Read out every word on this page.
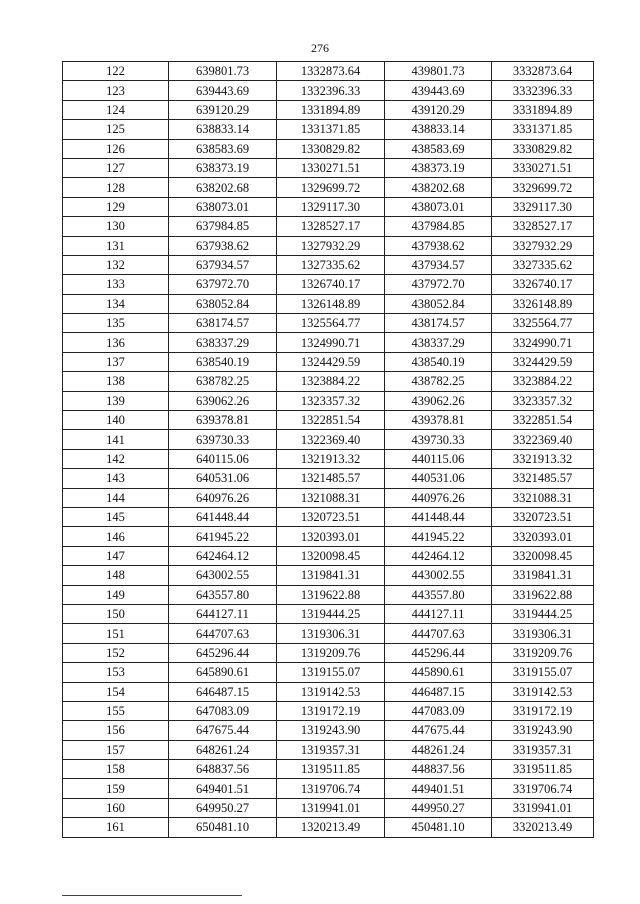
276
122	639801.73	1332873.64	439801.73	3332873.64
123	639443.69	1332396.33	439443.69	3332396.33
124	639120.29	1331894.89	439120.29	3331894.89
125	638833.14	1331371.85	438833.14	3331371.85
126	638583.69	1330829.82	438583.69	3330829.82
127	638373.19	1330271.51	438373.19	3330271.51
128	638202.68	1329699.72	438202.68	3329699.72
129	638073.01	1329117.30	438073.01	3329117.30
130	637984.85	1328527.17	437984.85	3328527.17
131	637938.62	1327932.29	437938.62	3327932.29
132	637934.57	1327335.62	437934.57	3327335.62
133	637972.70	1326740.17	437972.70	3326740.17
134	638052.84	1326148.89	438052.84	3326148.89
135	638174.57	1325564.77	438174.57	3325564.77
136	638337.29	1324990.71	438337.29	3324990.71
137	638540.19	1324429.59	438540.19	3324429.59
138	638782.25	1323884.22	438782.25	3323884.22
139	639062.26	1323357.32	439062.26	3323357.32
140	639378.81	1322851.54	439378.81	3322851.54
141	639730.33	1322369.40	439730.33	3322369.40
142	640115.06	1321913.32	440115.06	3321913.32
143	640531.06	1321485.57	440531.06	3321485.57
144	640976.26	1321088.31	440976.26	3321088.31
145	641448.44	1320723.51	441448.44	3320723.51
146	641945.22	1320393.01	441945.22	3320393.01
147	642464.12	1320098.45	442464.12	3320098.45
148	643002.55	1319841.31	443002.55	3319841.31
149	643557.80	1319622.88	443557.80	3319622.88
150	644127.11	1319444.25	444127.11	3319444.25
151	644707.63	1319306.31	444707.63	3319306.31
152	645296.44	1319209.76	445296.44	3319209.76
153	645890.61	1319155.07	445890.61	3319155.07
154	646487.15	1319142.53	446487.15	3319142.53
155	647083.09	1319172.19	447083.09	3319172.19
156	647675.44	1319243.90	447675.44	3319243.90
157	648261.24	1319357.31	448261.24	3319357.31
158	648837.56	1319511.85	448837.56	3319511.85
159	649401.51	1319706.74	449401.51	3319706.74
160	649950.27	1319941.01	449950.27	3319941.01
161	650481.10	1320213.49	450481.10	3320213.49
